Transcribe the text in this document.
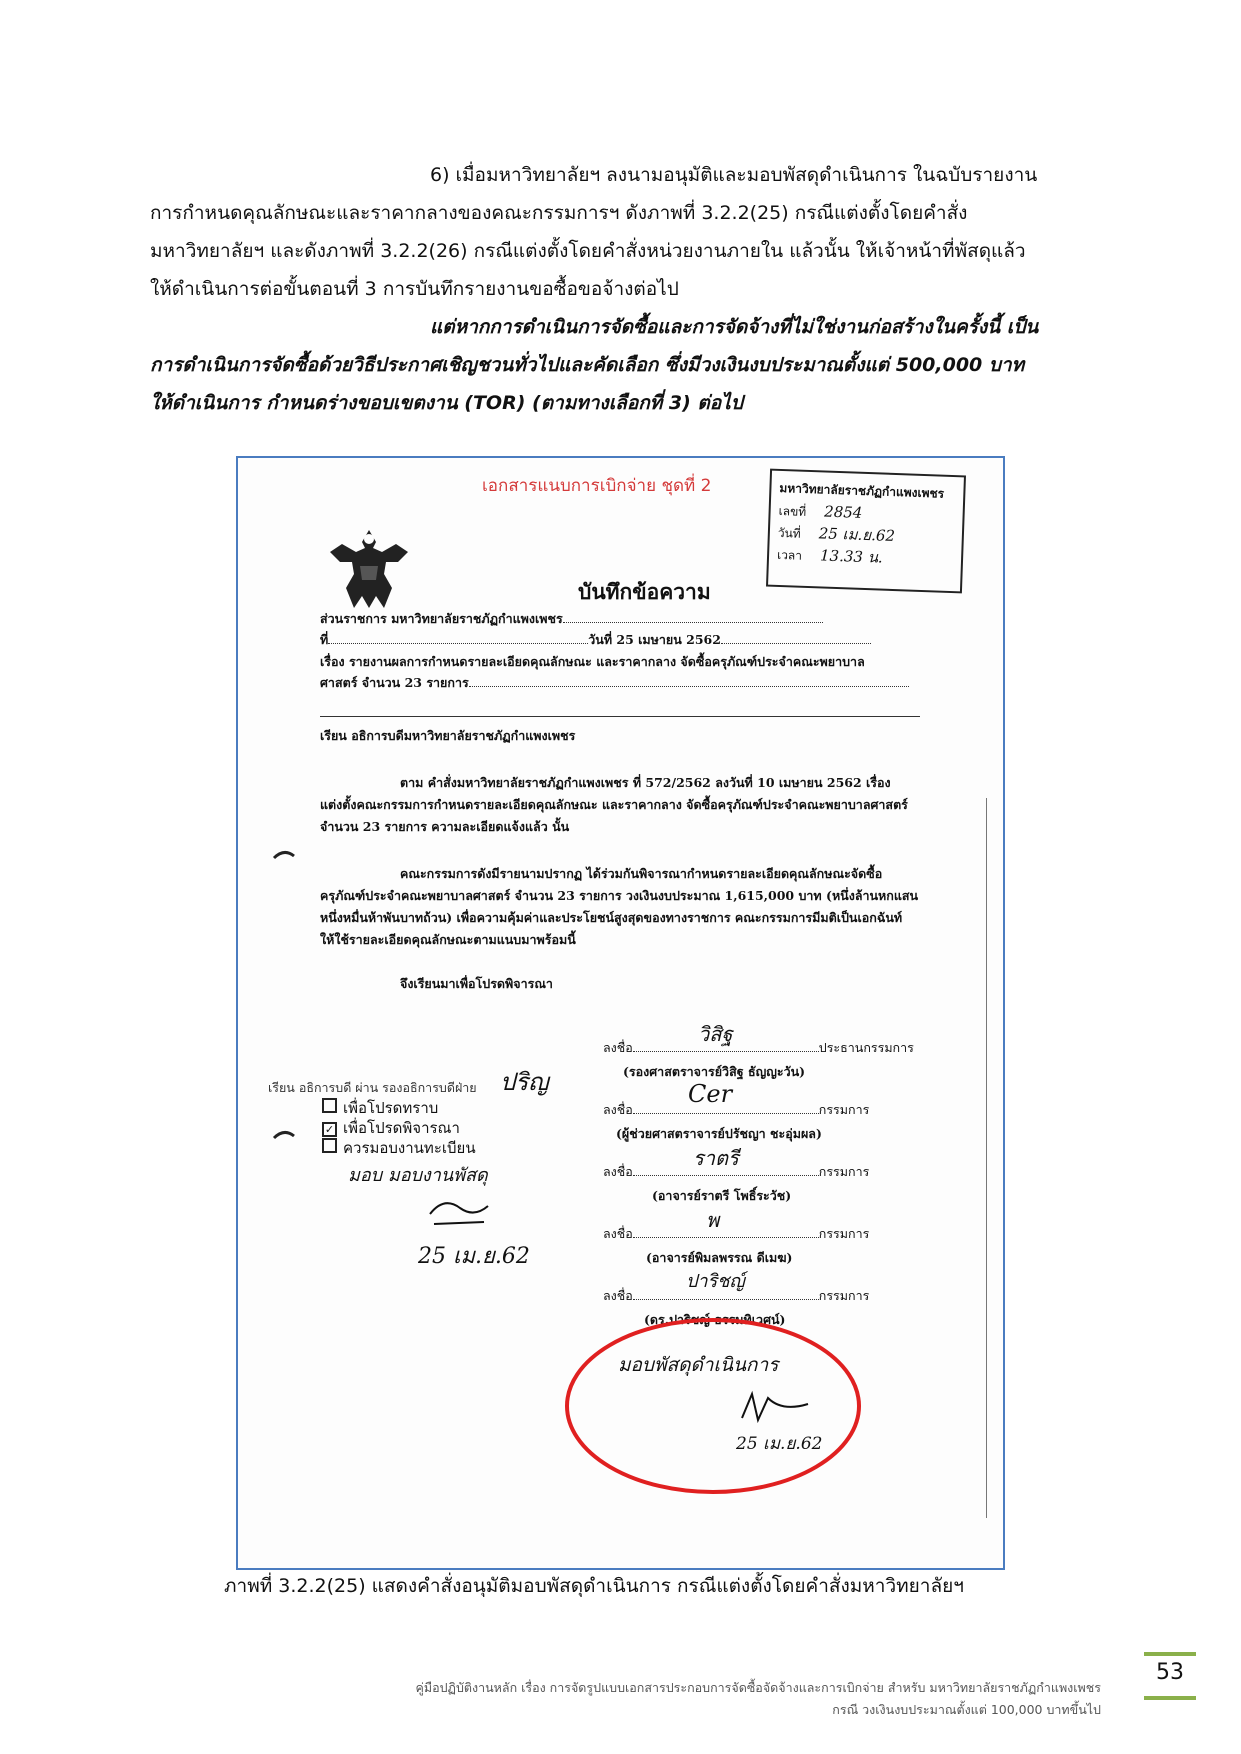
6) เมื่อมหาวิทยาลัยฯ ลงนามอนุมัติและมอบพัสดุดำเนินการ ในฉบับรายงาน
การกำหนดคุณลักษณะและราคากลางของคณะกรรมการฯ ดังภาพที่ 3.2.2(25) กรณีแต่งตั้งโดยคำสั่ง
มหาวิทยาลัยฯ และดังภาพที่ 3.2.2(26) กรณีแต่งตั้งโดยคำสั่งหน่วยงานภายใน แล้วนั้น ให้เจ้าหน้าที่พัสดุแล้ว
ให้ดำเนินการต่อขั้นตอนที่ 3 การบันทึกรายงานขอซื้อขอจ้างต่อไป
แต่หากการดำเนินการจัดซื้อและการจัดจ้างที่ไม่ใช่งานก่อสร้างในครั้งนี้ เป็น
การดำเนินการจัดซื้อด้วยวิธีประกาศเชิญชวนทั่วไปและคัดเลือก ซึ่งมีวงเงินงบประมาณตั้งแต่ 500,000 บาท
ให้ดำเนินการ กำหนดร่างขอบเขตงาน (TOR) (ตามทางเลือกที่ 3) ต่อไป
เอกสารแนบการเบิกจ่าย ชุดที่ 2	มหาวิทยาลัยราชภัฏกำแพงเพชร
เลขที่ 2854
วันที่ 25 เม.ย.62
เวลา 13.33 น.
บันทึกข้อความ
ส่วนราชการ มหาวิทยาลัยราชภัฏกำแพงเพชร
ที่	วันที่ 25 เมษายน 2562
เรื่อง รายงานผลการกำหนดรายละเอียดคุณลักษณะ และราคากลาง จัดซื้อครุภัณฑ์ประจำคณะพยาบาล
ศาสตร์ จำนวน 23 รายการ
เรียน อธิการบดีมหาวิทยาลัยราชภัฏกำแพงเพชร
ตาม คำสั่งมหาวิทยาลัยราชภัฏกำแพงเพชร ที่ 572/2562 ลงวันที่ 10 เมษายน 2562 เรื่อง
แต่งตั้งคณะกรรมการกำหนดรายละเอียดคุณลักษณะ และราคากลาง จัดซื้อครุภัณฑ์ประจำคณะพยาบาลศาสตร์
จำนวน 23 รายการ ความละเอียดแจ้งแล้ว นั้น
คณะกรรมการดังมีรายนามปรากฏ ได้ร่วมกันพิจารณากำหนดรายละเอียดคุณลักษณะจัดซื้อ
ครุภัณฑ์ประจำคณะพยาบาลศาสตร์ จำนวน 23 รายการ วงเงินงบประมาณ 1,615,000 บาท (หนึ่งล้านหกแสน
หนึ่งหมื่นห้าพันบาทถ้วน) เพื่อความคุ้มค่าและประโยชน์สูงสุดของทางราชการ คณะกรรมการมีมติเป็นเอกฉันท์
ให้ใช้รายละเอียดคุณลักษณะตามแนบมาพร้อมนี้
จึงเรียนมาเพื่อโปรดพิจารณา
ลงชื่อ	ประธานกรรมการ
วิสิฐ
(รองศาสตราจารย์วิสิฐ ธัญญะวัน)
ลงชื่อ	กรรมการ
Cer
(ผู้ช่วยศาสตราจารย์ปรัชญา ชะอุ่มผล)
ลงชื่อ	กรรมการ
ราตรี
(อาจารย์ราตรี โพธิ์ระวัช)
ลงชื่อ	กรรมการ
พ
(อาจารย์พิมลพรรณ ดีเมฆ)
ลงชื่อ	กรรมการ
ปาริชญ์
(ดร.ปาริชญ์ ธรรมทิเวศน์)
เรียน อธิการบดี ผ่าน รองอธิการบดีฝ่าย ปริญ
เพื่อโปรดทราบ
✓ เพื่อโปรดพิจารณา
ควรมอบงานทะเบียน
มอบ มอบงานพัสดุ
25 เม.ย.62
มอบพัสดุดำเนินการ
25 เม.ย.62
ภาพที่ 3.2.2(25) แสดงคำสั่งอนุมัติมอบพัสดุดำเนินการ กรณีแต่งตั้งโดยคำสั่งมหาวิทยาลัยฯ
คู่มือปฏิบัติงานหลัก เรื่อง การจัดรูปแบบเอกสารประกอบการจัดซื้อจัดจ้างและการเบิกจ่าย สำหรับ มหาวิทยาลัยราชภัฏกำแพงเพชร
กรณี วงเงินงบประมาณตั้งแต่ 100,000 บาทขึ้นไป
53
